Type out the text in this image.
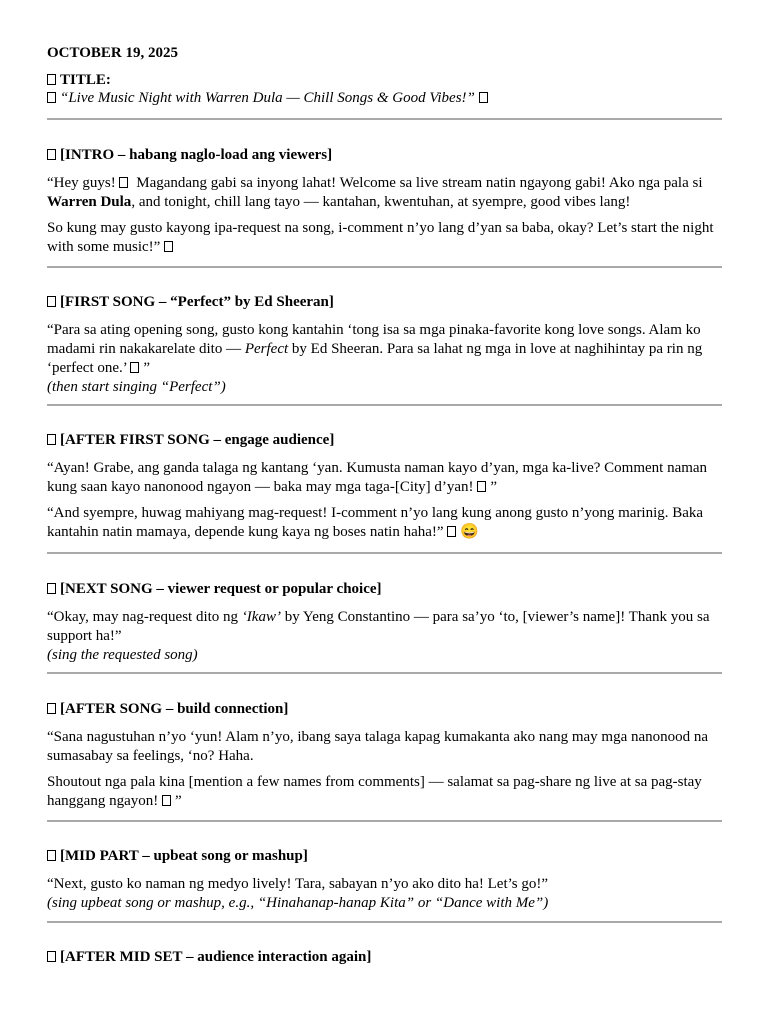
OCTOBER 19, 2025
TITLE:
“Live Music Night with Warren Dula — Chill Songs & Good Vibes!”
[INTRO – habang naglo-load ang viewers]

“Hey guys!  Magandang gabi sa inyong lahat! Welcome sa live stream natin ngayong gabi! Ako nga pala si Warren Dula, and tonight, chill lang tayo — kantahan, kwentuhan, at syempre, good vibes lang!

So kung may gusto kayong ipa-request na song, i-comment n’yo lang d’yan sa baba, okay? Let’s start the night with some music!”

[FIRST SONG – “Perfect” by Ed Sheeran]

“Para sa ating opening song, gusto kong kantahin ‘tong isa sa mga pinaka-favorite kong love songs. Alam ko madami rin nakakarelate dito — Perfect by Ed Sheeran. Para sa lahat ng mga in love at naghihintay pa rin ng ‘perfect one.’ ”

(then start singing “Perfect”)
[AFTER FIRST SONG – engage audience]

“Ayan! Grabe, ang ganda talaga ng kantang ‘yan. Kumusta naman kayo d’yan, mga ka-live? Comment naman kung saan kayo nanonood ngayon — baka may mga taga-[City] d’yan! ”

“And syempre, huwag mahiyang mag-request! I-comment n’yo lang kung anong gusto n’yong marinig. Baka kantahin natin mamaya, depende kung kaya ng boses natin haha!” 😄

[NEXT SONG – viewer request or popular choice]

“Okay, may nag-request dito ng ‘Ikaw’ by Yeng Constantino — para sa’yo ‘to, [viewer’s name]! Thank you sa support ha!”

(sing the requested song)
[AFTER SONG – build connection]

“Sana nagustuhan n’yo ‘yun! Alam n’yo, ibang saya talaga kapag kumakanta ako nang may mga nanonood na sumasabay sa feelings, ‘no? Haha.

Shoutout nga pala kina [mention a few names from comments] — salamat sa pag-share ng live at sa pag-stay hanggang ngayon! ”

[MID PART – upbeat song or mashup]
“Next, gusto ko naman ng medyo lively! Tara, sabayan n’yo ako dito ha! Let’s go!”
(sing upbeat song or mashup, e.g., “Hinahanap-hanap Kita” or “Dance with Me”)
[AFTER MID SET – audience interaction again]
